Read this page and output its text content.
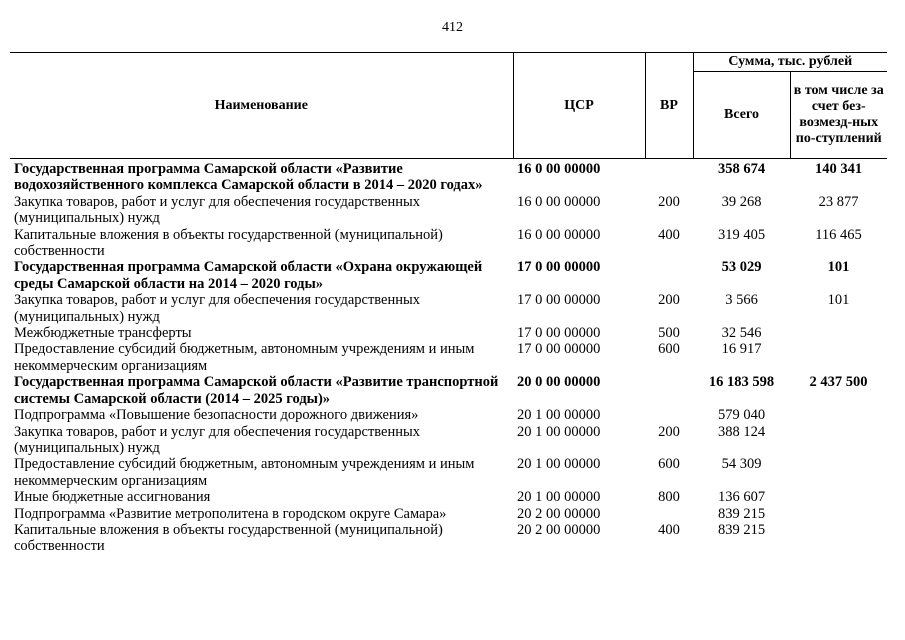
412
Наименование	ЦСР	ВР	Сумма, тыс. рублей	
			Всего	в том числе за счет без-возмезд-ных по-ступлений
Государственная программа Самарской области «Развитие водохозяйственного комплекса Самарской области в 2014 – 2020 годах»	16 0 00 00000		358 674	140 341
Закупка товаров, работ и услуг для обеспечения государственных (муниципальных) нужд	16 0 00 00000	200	39 268	23 877
Капитальные вложения в объекты государственной (муниципальной) собственности	16 0 00 00000	400	319 405	116 465
Государственная программа Самарской области «Охрана окружающей среды Самарской области на 2014 – 2020 годы»	17 0 00 00000		53 029	101
Закупка товаров, работ и услуг для обеспечения государственных (муниципальных) нужд	17 0 00 00000	200	3 566	101
Межбюджетные трансферты	17 0 00 00000	500	32 546	
Предоставление субсидий бюджетным, автономным учреждениям и иным некоммерческим организациям	17 0 00 00000	600	16 917	
Государственная программа Самарской области «Развитие транспортной системы Самарской области (2014 – 2025 годы)»	20 0 00 00000		16 183 598	2 437 500
Подпрограмма «Повышение безопасности дорожного движения»	20 1 00 00000		579 040	
Закупка товаров, работ и услуг для обеспечения государственных (муниципальных) нужд	20 1 00 00000	200	388 124	
Предоставление субсидий бюджетным, автономным учреждениям и иным некоммерческим организациям	20 1 00 00000	600	54 309	
Иные бюджетные ассигнования	20 1 00 00000	800	136 607	
Подпрограмма «Развитие метрополитена в городском округе Самара»	20 2 00 00000		839 215	
Капитальные вложения в объекты государственной (муниципальной) собственности	20 2 00 00000	400	839 215	
